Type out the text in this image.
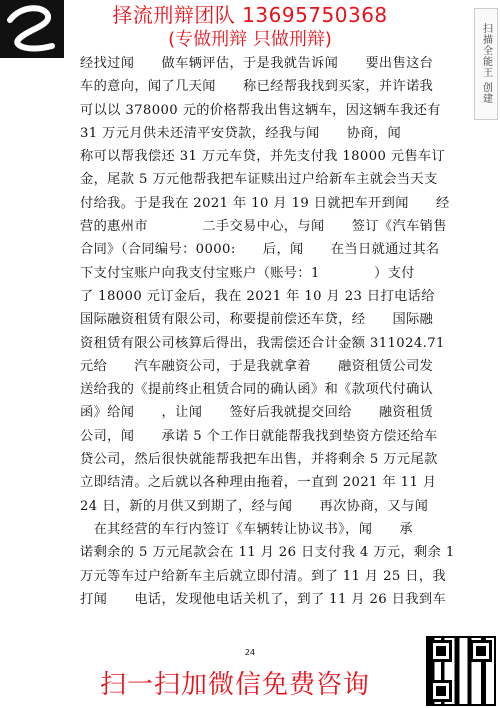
择流刑辩团队 13695750368
(专做刑辩 只做刑辩)	扫描全能王 创建

经找过闻　　做车辆评估，于是我就告诉闻　　要出售这台

车的意向，闻了几天闻　　称已经帮我找到买家，并许诺我

可以以 378000 元的价格帮我出售这辆车，因这辆车我还有

31 万元月供未还清平安贷款，经我与闻　　协商，闻

称可以帮我偿还 31 万元车贷，并先支付我 18000 元售车订

金，尾款 5 万元他帮我把车证赎出过户给新车主就会当天支

付给我。于是我在 2021 年 10 月 19 日就把车开到闻　　经

营的惠州市　　　　二手交易中心，与闻　　签订《汽车销售

合同》（合同编号：0000:　　后，闻　　在当日就通过其名

下支付宝账户向我支付宝账户（账号：1　　　　）支付

了 18000 元订金后，我在 2021 年 10 月 23 日打电话给

国际融资租赁有限公司，称要提前偿还车贷，经　　国际融

资租赁有限公司核算后得出，我需偿还合计金额 311024.71

元给　　汽车融资公司，于是我就拿着　　融资租赁公司发

送给我的《提前终止租赁合同的确认函》和《款项代付确认

函》给闻　　，让闻　　签好后我就提交回给　　融资租赁

公司，闻　　承诺 5 个工作日就能帮我找到垫资方偿还给车

贷公司，然后很快就能帮我把车出售，并将剩余 5 万元尾款

立即结清。之后就以各种理由拖着，一直到 2021 年 11 月

24 日，新的月供又到期了，经与闻　　再次协商，又与闻

　在其经营的车行内签订《车辆转让协议书》，闻　　承

诺剩余的 5 万元尾款会在 11 月 26 日支付我 4 万元，剩余 1

万元等车过户给新车主后就立即付清。到了 11 月 25 日，我

打闻　　电话，发现他电话关机了，到了 11 月 26 日我到车

24
扫一扫加微信免费咨询
